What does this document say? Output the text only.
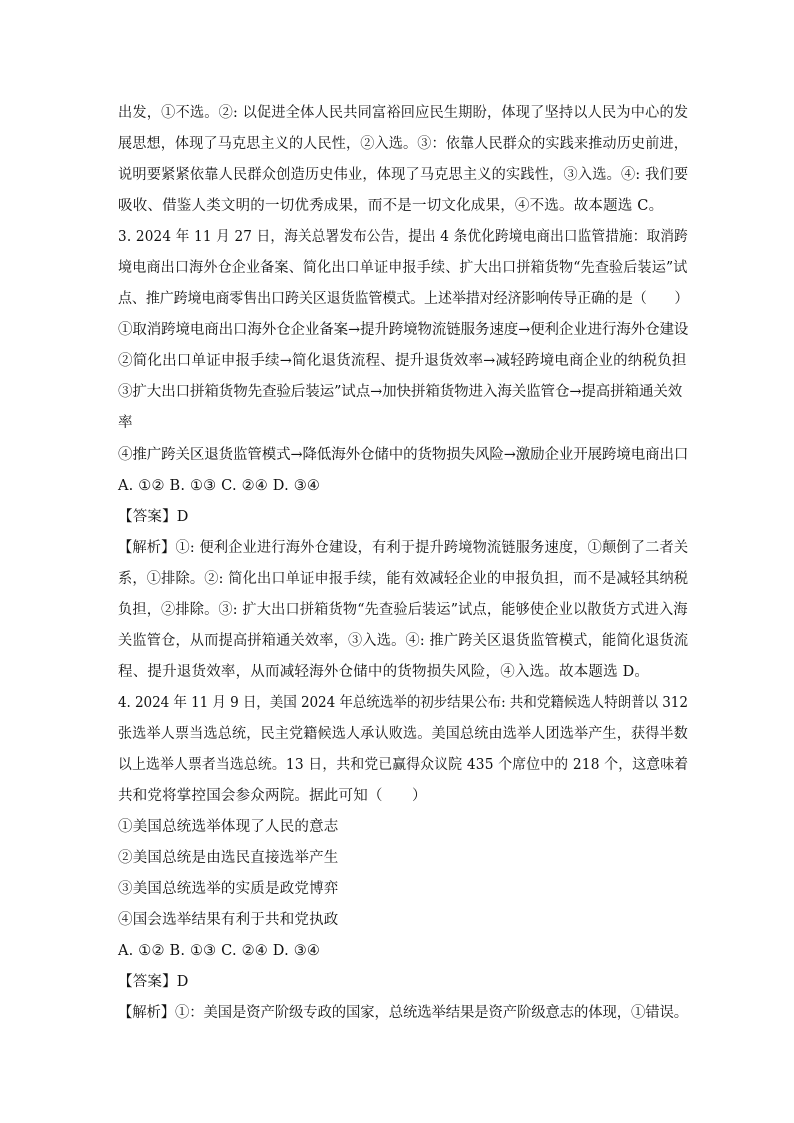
出发，①不选。②: 以促进全体人民共同富裕回应民生期盼，体现了坚持以人民为中心的发
展思想，体现了马克思主义的人民性，②入选。③：依靠人民群众的实践来推动历史前进，
说明要紧紧依靠人民群众创造历史伟业，体现了马克思主义的实践性，③入选。④: 我们要
吸收、借鉴人类文明的一切优秀成果，而不是一切文化成果，④不选。故本题选 C。
3. 2024 年 11 月 27 日，海关总署发布公告，提出 4 条优化跨境电商出口监管措施：取消跨
境电商出口海外仓企业备案、简化出口单证申报手续、扩大出口拼箱货物“先查验后装运”试
点、推广跨境电商零售出口跨关区退货监管模式。上述举措对经济影响传导正确的是（　　）
①取消跨境电商出口海外仓企业备案→提升跨境物流链服务速度→便利企业进行海外仓建设
②简化出口单证申报手续→简化退货流程、提升退货效率→减轻跨境电商企业的纳税负担
③扩大出口拼箱货物先查验后装运”试点→加快拼箱货物进入海关监管仓→提高拼箱通关效
率
④推广跨关区退货监管模式→降低海外仓储中的货物损失风险→激励企业开展跨境电商出口
A. ①② B. ①③ C. ②④ D. ③④
【答案】D
【解析】①: 便利企业进行海外仓建设，有利于提升跨境物流链服务速度，①颠倒了二者关
系，①排除。②: 简化出口单证申报手续，能有效减轻企业的申报负担，而不是减轻其纳税
负担，②排除。③: 扩大出口拼箱货物“先查验后装运”试点，能够使企业以散货方式进入海
关监管仓，从而提高拼箱通关效率，③入选。④: 推广跨关区退货监管模式，能简化退货流
程、提升退货效率，从而减轻海外仓储中的货物损失风险，④入选。故本题选 D。
4. 2024 年 11 月 9 日，美国 2024 年总统选举的初步结果公布: 共和党籍候选人特朗普以 312
张选举人票当选总统，民主党籍候选人承认败选。美国总统由选举人团选举产生，获得半数
以上选举人票者当选总统。13 日，共和党已赢得众议院 435 个席位中的 218 个，这意味着
共和党将掌控国会参众两院。据此可知（　　）
①美国总统选举体现了人民的意志
②美国总统是由选民直接选举产生
③美国总统选举的实质是政党博弈
④国会选举结果有利于共和党执政
A. ①② B. ①③ C. ②④ D. ③④
【答案】D
【解析】①：美国是资产阶级专政的国家，总统选举结果是资产阶级意志的体现，①错误。
